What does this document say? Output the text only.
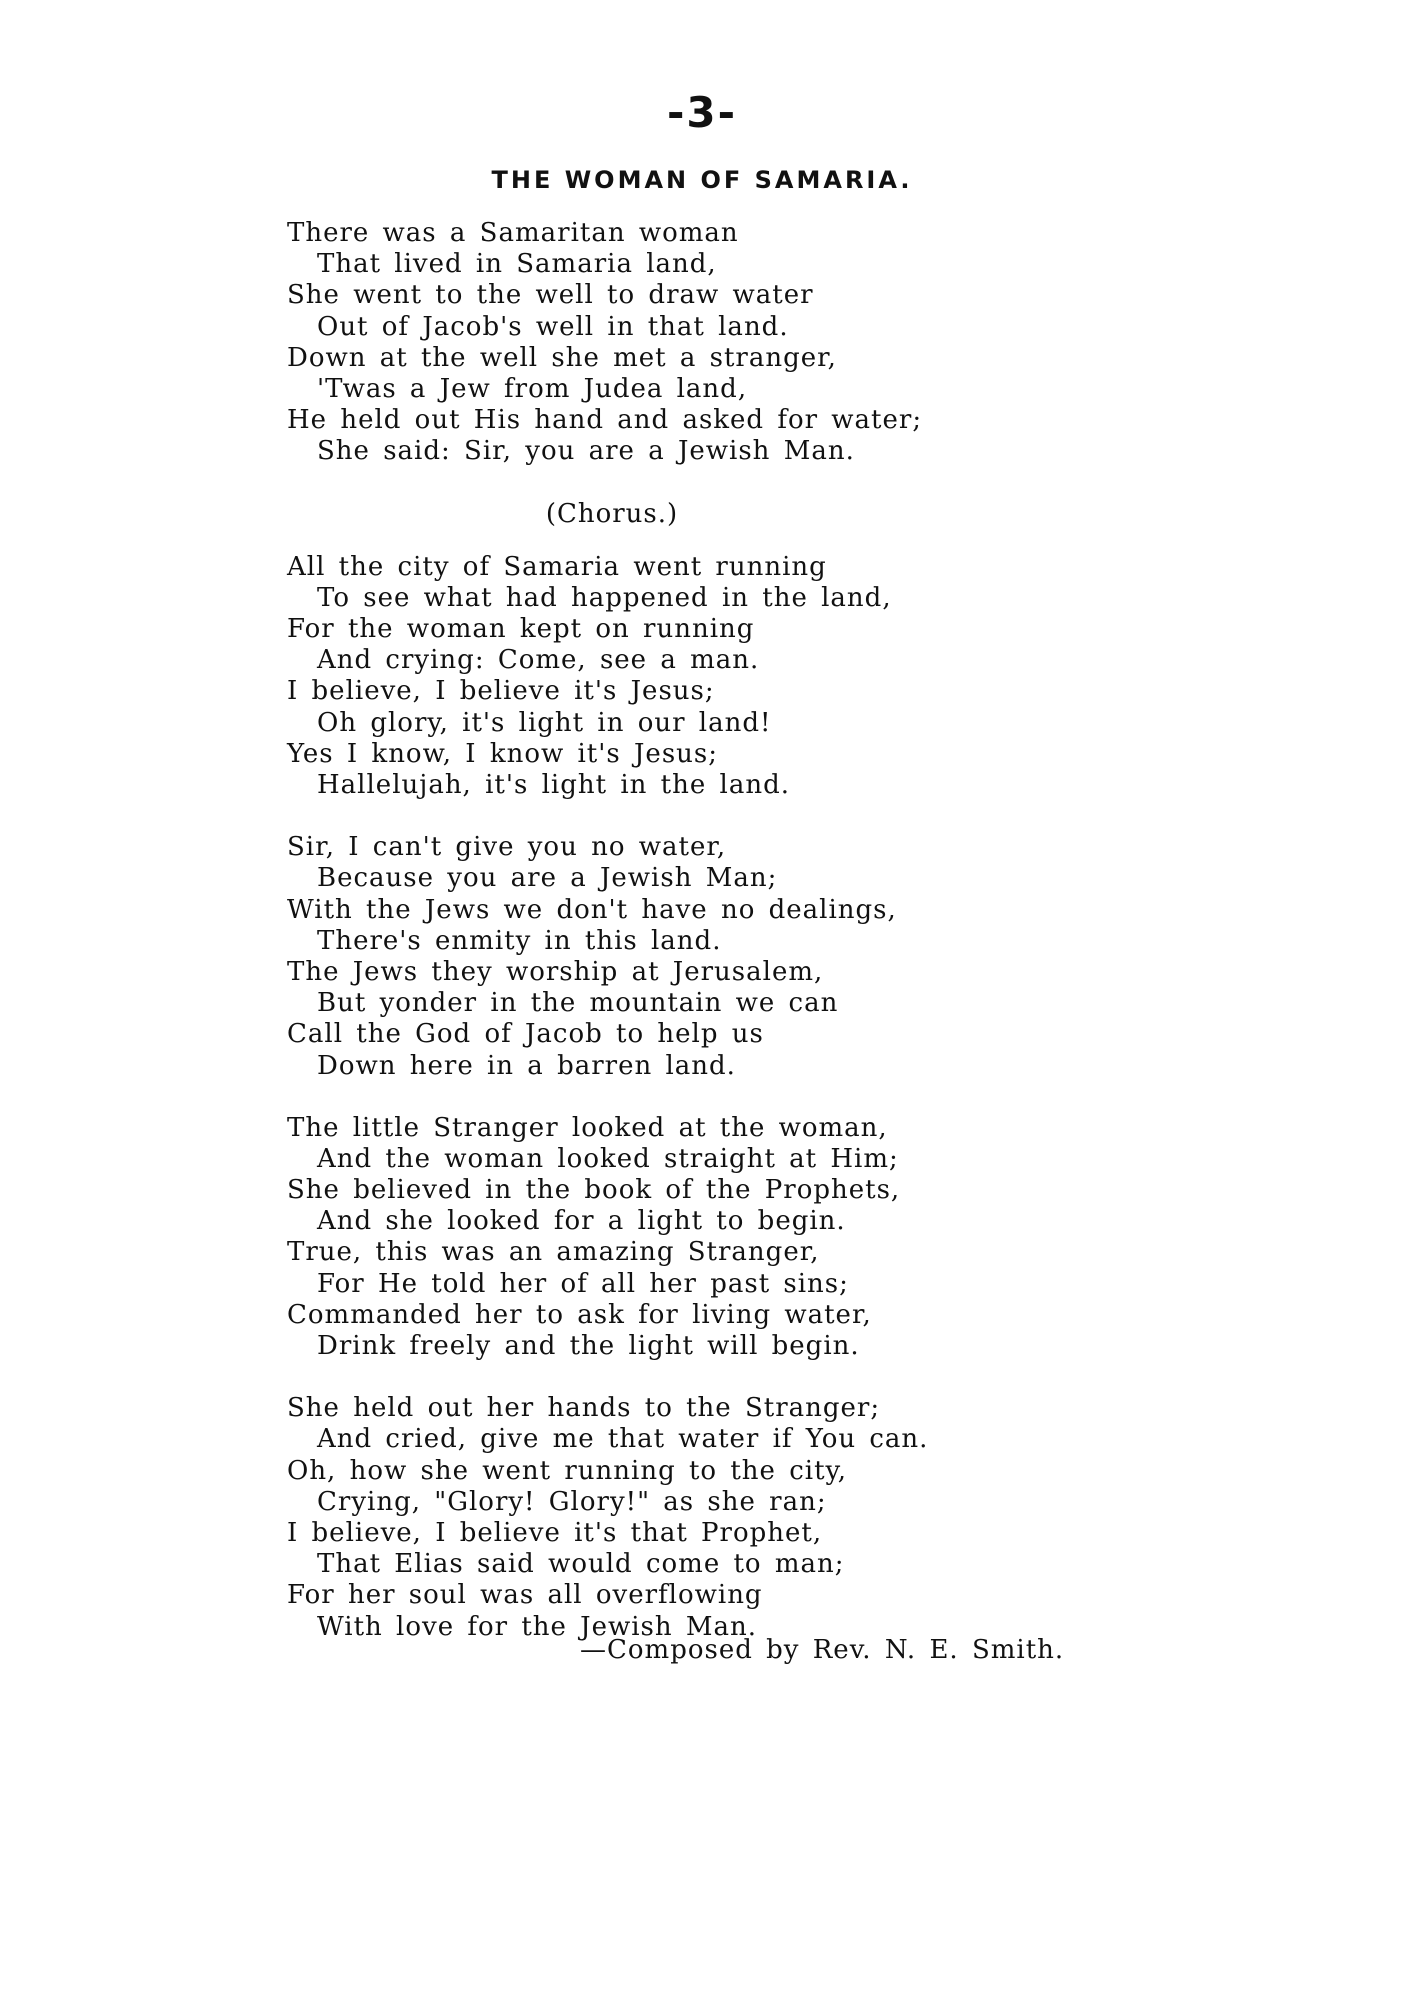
-3-
THE WOMAN OF SAMARIA.
There was a Samaritan woman
That lived in Samaria land,
She went to the well to draw water
Out of Jacob's well in that land.
Down at the well she met a stranger,
'Twas a Jew from Judea land,
He held out His hand and asked for water;
She said: Sir, you are a Jewish Man.
(Chorus.)
All the city of Samaria went running
To see what had happened in the land,
For the woman kept on running
And crying: Come, see a man.
I believe, I believe it's Jesus;
Oh glory, it's light in our land!
Yes I know, I know it's Jesus;
Hallelujah, it's light in the land.
Sir, I can't give you no water,
Because you are a Jewish Man;
With the Jews we don't have no dealings,
There's enmity in this land.
The Jews they worship at Jerusalem,
But yonder in the mountain we can
Call the God of Jacob to help us
Down here in a barren land.
The little Stranger looked at the woman,
And the woman looked straight at Him;
She believed in the book of the Prophets,
And she looked for a light to begin.
True, this was an amazing Stranger,
For He told her of all her past sins;
Commanded her to ask for living water,
Drink freely and the light will begin.
She held out her hands to the Stranger;
And cried, give me that water if You can.
Oh, how she went running to the city,
Crying, "Glory! Glory!" as she ran;
I believe, I believe it's that Prophet,
That Elias said would come to man;
For her soul was all overflowing
With love for the Jewish Man.
—Composed by Rev. N. E. Smith.
